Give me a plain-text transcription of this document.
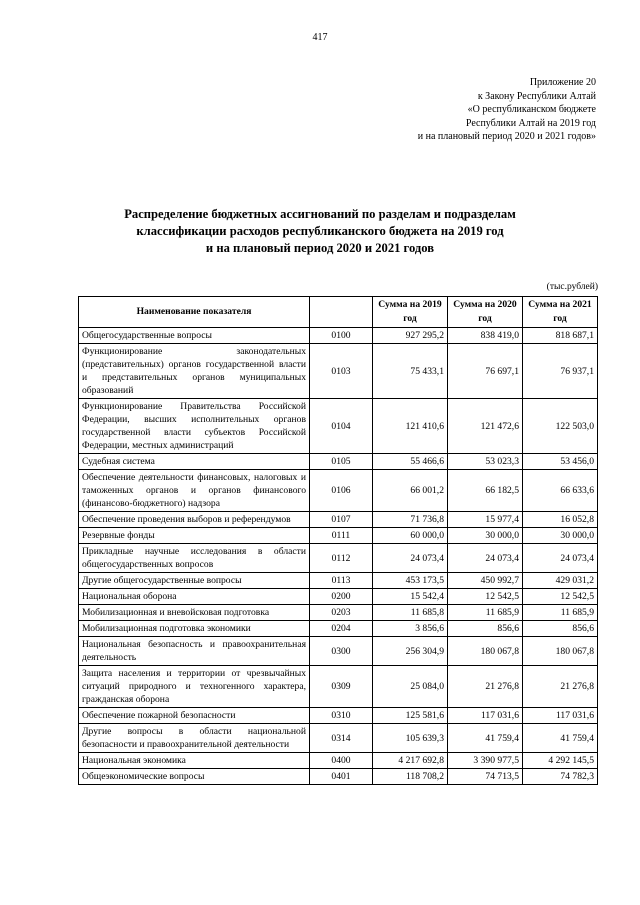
417
Приложение 20
к Закону Республики Алтай
«О республиканском бюджете
Республики Алтай на 2019 год
и на плановый период 2020 и 2021 годов»
Распределение бюджетных ассигнований по разделам и подразделам
классификации расходов республиканского бюджета на 2019 год
и на плановый период 2020 и 2021 годов
(тыс.рублей)
Наименование показателя		Сумма на 2019 год	Сумма на 2020 год	Сумма на 2021 год
Общегосударственные вопросы	0100	927 295,2	838 419,0	818 687,1
Функционирование законодательных (представительных) органов государственной власти и представительных органов муниципальных образований	0103	75 433,1	76 697,1	76 937,1
Функционирование Правительства Российской Федерации, высших исполнительных органов государственной власти субъектов Российской Федерации, местных администраций	0104	121 410,6	121 472,6	122 503,0
Судебная система	0105	55 466,6	53 023,3	53 456,0
Обеспечение деятельности финансовых, налоговых и таможенных органов и органов финансового (финансово-бюджетного) надзора	0106	66 001,2	66 182,5	66 633,6
Обеспечение проведения выборов и референдумов	0107	71 736,8	15 977,4	16 052,8
Резервные фонды	0111	60 000,0	30 000,0	30 000,0
Прикладные научные исследования в области общегосударственных вопросов	0112	24 073,4	24 073,4	24 073,4
Другие общегосударственные вопросы	0113	453 173,5	450 992,7	429 031,2
Национальная оборона	0200	15 542,4	12 542,5	12 542,5
Мобилизационная и вневойсковая подготовка	0203	11 685,8	11 685,9	11 685,9
Мобилизационная подготовка экономики	0204	3 856,6	856,6	856,6
Национальная безопасность и правоохранительная деятельность	0300	256 304,9	180 067,8	180 067,8
Защита населения и территории от чрезвычайных ситуаций природного и техногенного характера, гражданская оборона	0309	25 084,0	21 276,8	21 276,8
Обеспечение пожарной безопасности	0310	125 581,6	117 031,6	117 031,6
Другие вопросы в области национальной безопасности и правоохранительной деятельности	0314	105 639,3	41 759,4	41 759,4
Национальная экономика	0400	4 217 692,8	3 390 977,5	4 292 145,5
Общеэкономические вопросы	0401	118 708,2	74 713,5	74 782,3
